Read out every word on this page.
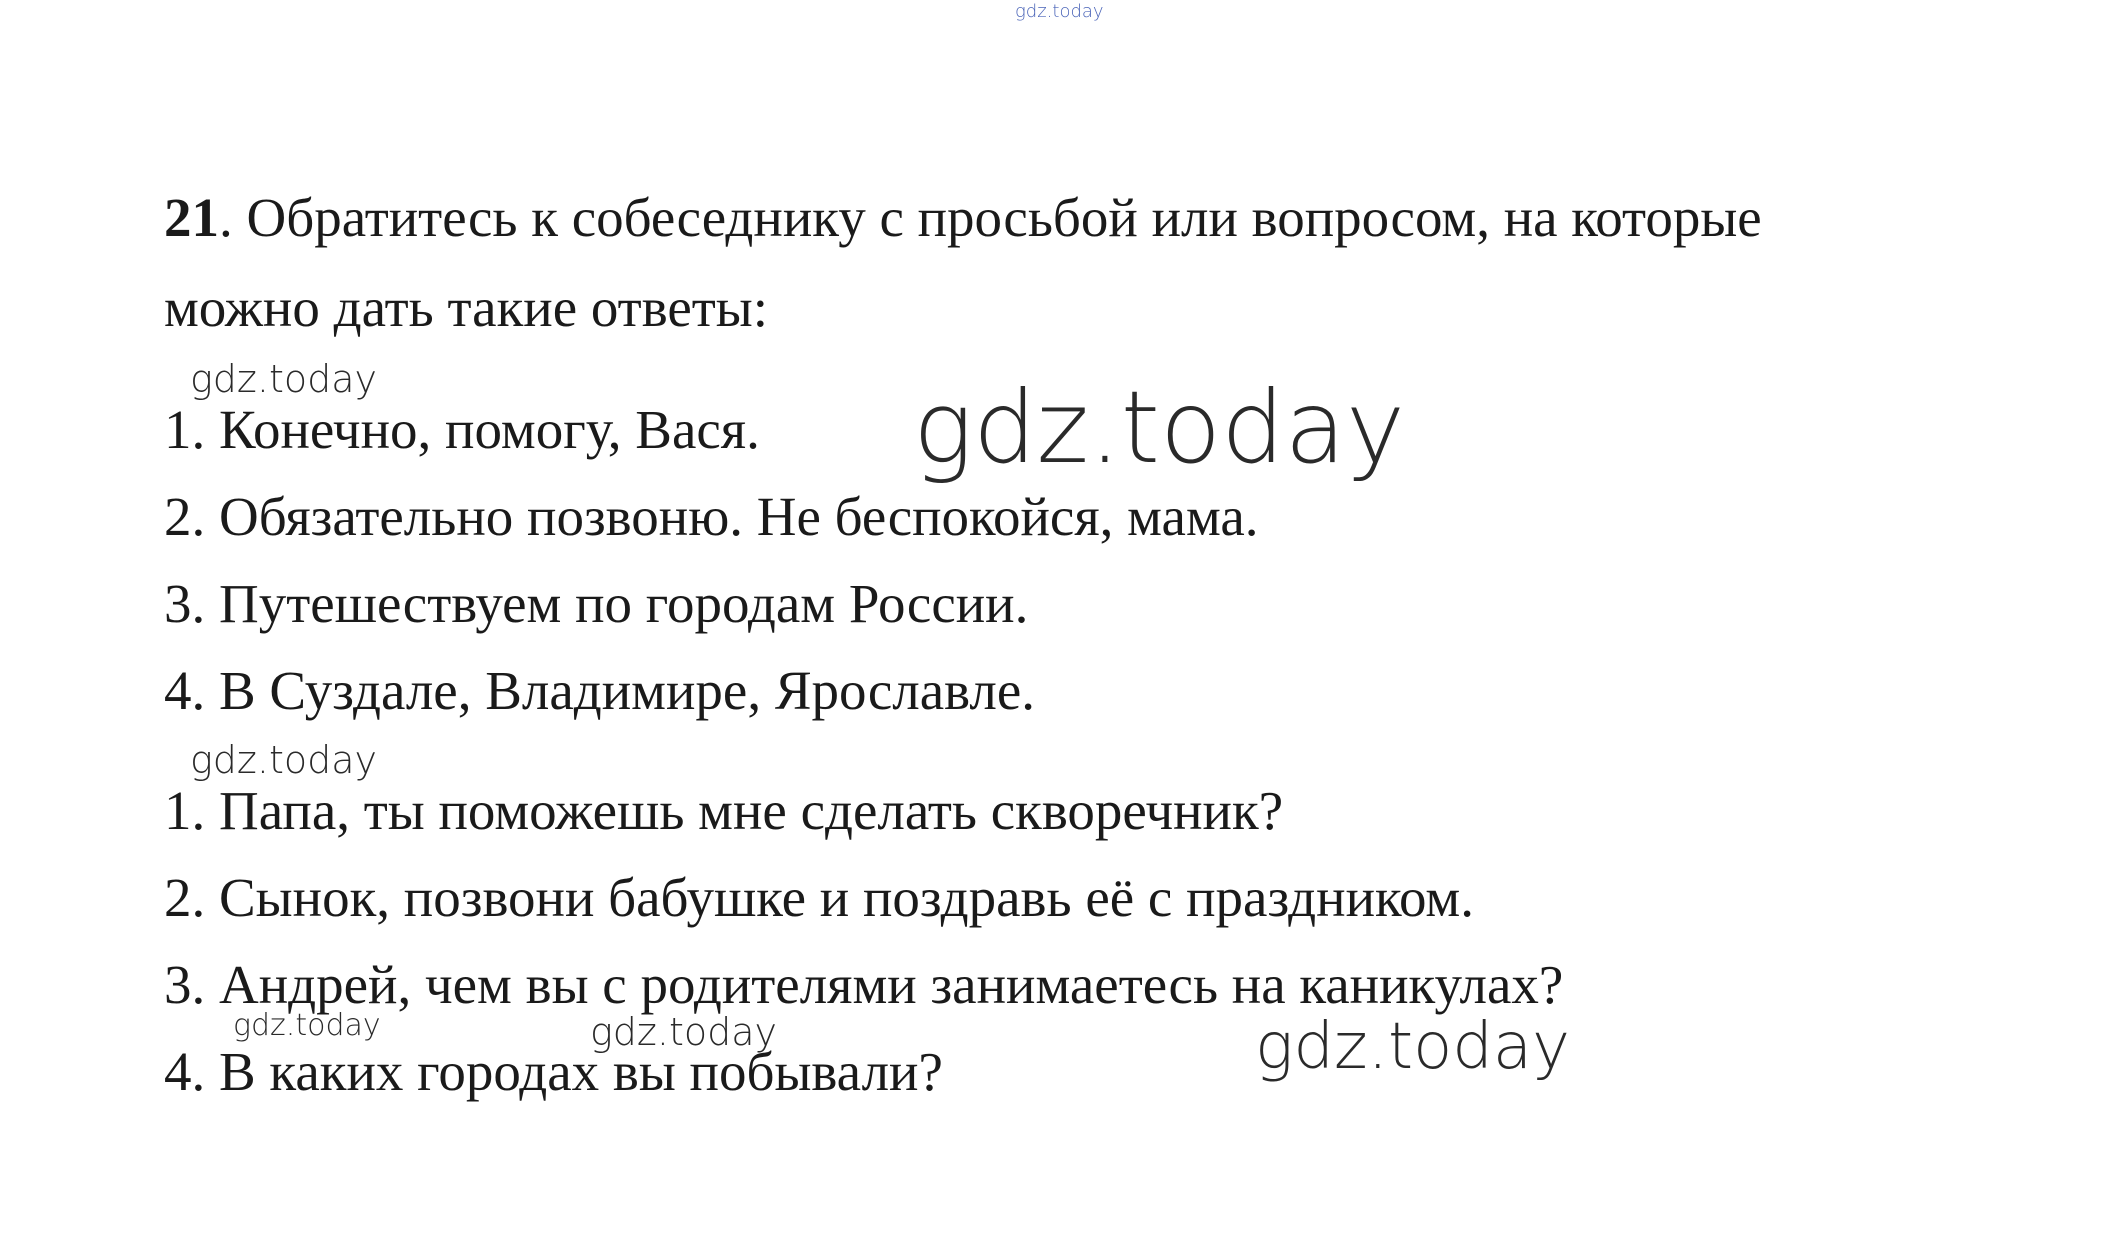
gdz.today
21. Обратитесь к собеседнику с просьбой или вопросом, на которые
можно дать такие ответы:
gdz.today
1. Конечно, помогу, Вася.
2. Обязательно позвоню. Не беспокойся, мама.
3. Путешествуем по городам России.
4. В Суздале, Владимире, Ярославле.
gdz.today
gdz.today
1. Папа, ты поможешь мне сделать скворечник?
2. Сынок, позвони бабушке и поздравь её с праздником.
3. Андрей, чем вы с родителями занимаетесь на каникулах?
4. В каких городах вы побывали?
gdz.today	gdz.today	gdz.today
